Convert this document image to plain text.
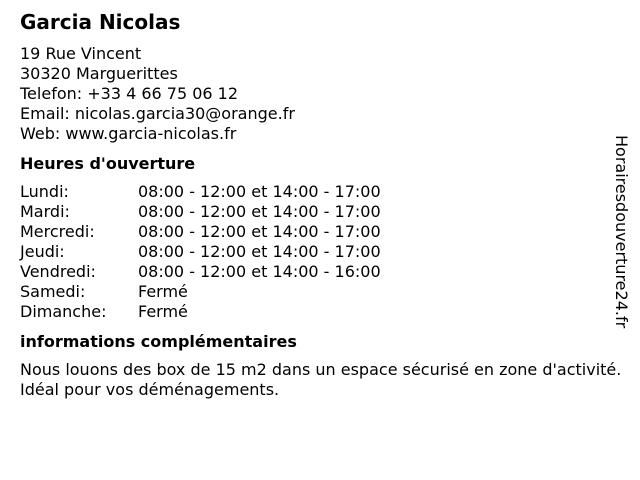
Garcia Nicolas
19 Rue Vincent
30320 Marguerittes
Telefon: +33 4 66 75 06 12
Email: nicolas.garcia30@orange.fr
Web: www.garcia-nicolas.fr
Heures d'ouverture
Lundi:	08:00 - 12:00 et 14:00 - 17:00
Mardi:	08:00 - 12:00 et 14:00 - 17:00
Mercredi:	08:00 - 12:00 et 14:00 - 17:00
Jeudi:	08:00 - 12:00 et 14:00 - 17:00
Vendredi:	08:00 - 12:00 et 14:00 - 16:00
Samedi:	Fermé
Dimanche:	Fermé
informations complémentaires
Nous louons des box de 15 m2 dans un espace sécurisé en zone d'activité. Idéal pour vos déménagements.
Horairesdouverture24.fr
